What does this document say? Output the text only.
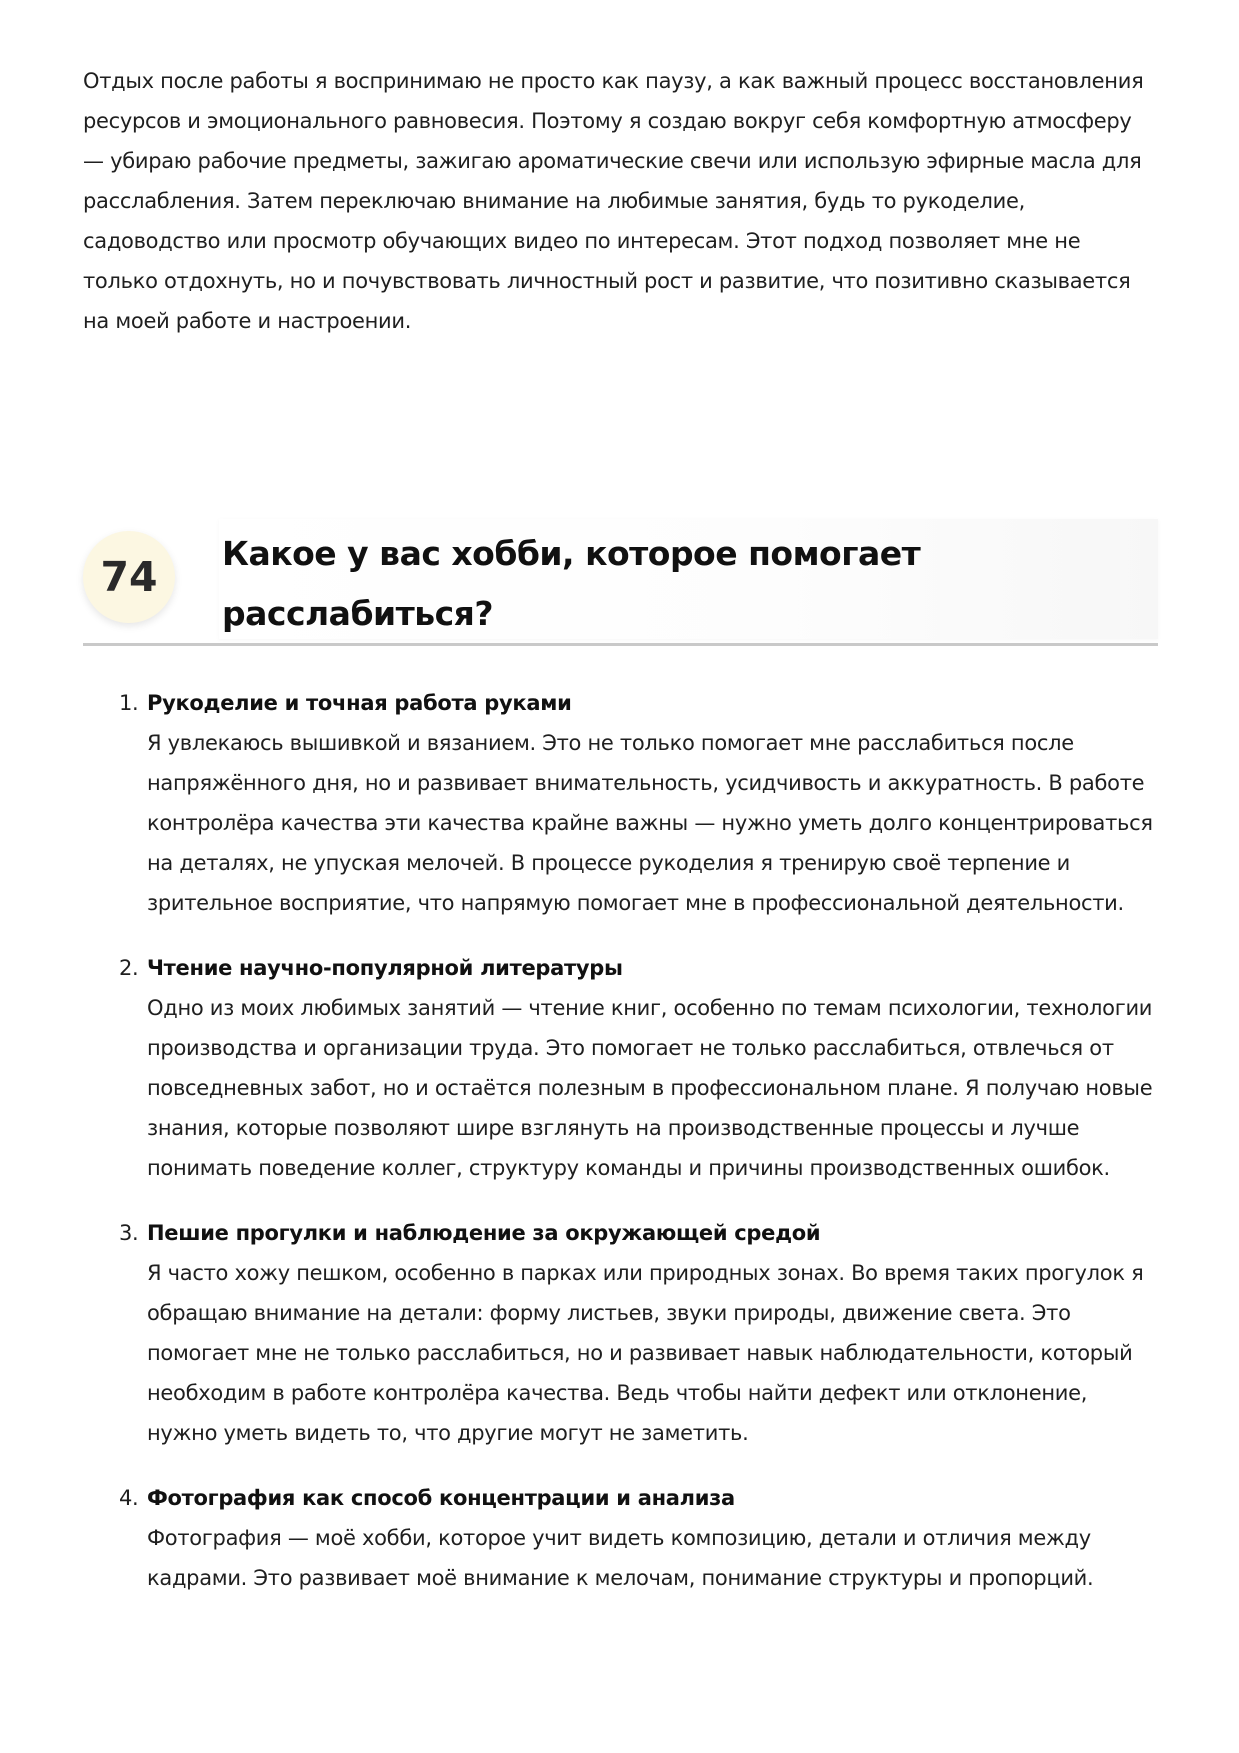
Отдых после работы я воспринимаю не просто как паузу, а как важный процесс восстановления ресурсов и эмоционального равновесия. Поэтому я создаю вокруг себя комфортную атмосферу — убираю рабочие предметы, зажигаю ароматические свечи или использую эфирные масла для расслабления. Затем переключаю внимание на любимые занятия, будь то рукоделие, садоводство или просмотр обучающих видео по интересам. Этот подход позволяет мне не только отдохнуть, но и почувствовать личностный рост и развитие, что позитивно сказывается на моей работе и настроении.

74	Какое у вас хобби, которое помогает расслабиться?
1. Рукоделие и точная работа руками
Я увлекаюсь вышивкой и вязанием. Это не только помогает мне расслабиться после напряжённого дня, но и развивает внимательность, усидчивость и аккуратность. В работе контролёра качества эти качества крайне важны — нужно уметь долго концентрироваться на деталях, не упуская мелочей. В процессе рукоделия я тренирую своё терпение и зрительное восприятие, что напрямую помогает мне в профессиональной деятельности.
2. Чтение научно-популярной литературы
Одно из моих любимых занятий — чтение книг, особенно по темам психологии, технологии производства и организации труда. Это помогает не только расслабиться, отвлечься от повседневных забот, но и остаётся полезным в профессиональном плане. Я получаю новые знания, которые позволяют шире взглянуть на производственные процессы и лучше понимать поведение коллег, структуру команды и причины производственных ошибок.
3. Пешие прогулки и наблюдение за окружающей средой
Я часто хожу пешком, особенно в парках или природных зонах. Во время таких прогулок я обращаю внимание на детали: форму листьев, звуки природы, движение света. Это помогает мне не только расслабиться, но и развивает навык наблюдательности, который необходим в работе контролёра качества. Ведь чтобы найти дефект или отклонение, нужно уметь видеть то, что другие могут не заметить.
4. Фотография как способ концентрации и анализа
Фотография — моё хобби, которое учит видеть композицию, детали и отличия между кадрами. Это развивает моё внимание к мелочам, понимание структуры и пропорций.
